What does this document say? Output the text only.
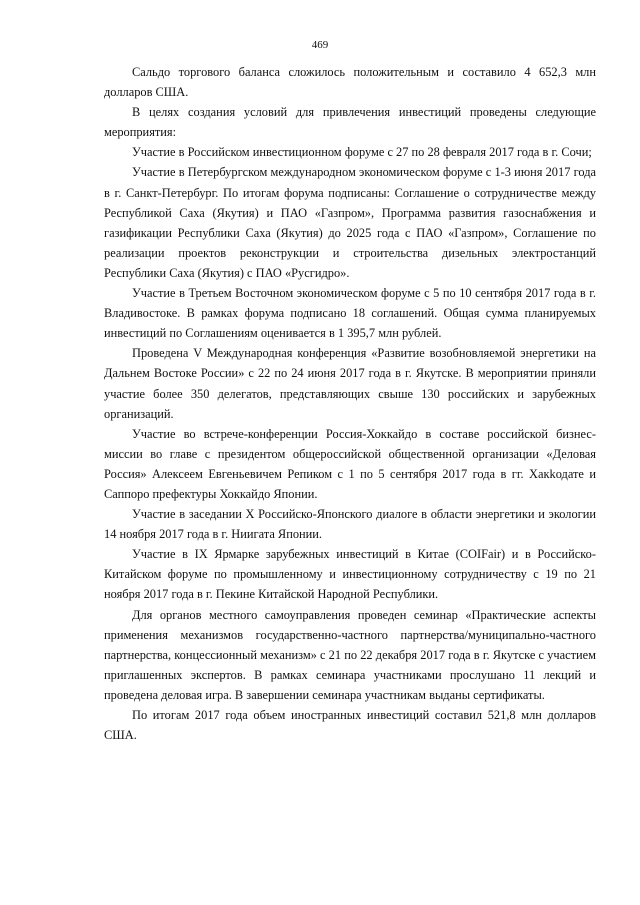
469

Сальдо торгового баланса сложилось положительным и составило 4 652,3 млн долларов США.

В целях создания условий для привлечения инвестиций проведены следующие мероприятия:

Участие в Российском инвестиционном форуме с 27 по 28 февраля 2017 года в г. Сочи;

Участие в Петербургском международном экономическом форуме с 1-3 июня 2017 года в г. Санкт-Петербург. По итогам форума подписаны: Соглашение о сотрудничестве между Республикой Саха (Якутия) и ПАО «Газпром», Программа развития газоснабжения и газификации Республики Саха (Якутия) до 2025 года с ПАО «Газпром», Соглашение по реализации проектов реконструкции и строительства дизельных электростанций Республики Саха (Якутия) с ПАО «Русгидро».

Участие в Третьем Восточном экономическом форуме с 5 по 10 сентября 2017 года в г. Владивостоке. В рамках форума подписано 18 соглашений. Общая сумма планируемых инвестиций по Соглашениям оценивается в 1 395,7 млн рублей.

Проведена V Международная конференция «Развитие возобновляемой энергетики на Дальнем Востоке России» с 22 по 24 июня 2017 года в г. Якутске. В мероприятии приняли участие более 350 делегатов, представляющих свыше 130 российских и зарубежных организаций.

Участие во встрече-конференции Россия-Хоккайдо в составе российской бизнес-миссии во главе с президентом общероссийской общественной организации «Деловая Россия» Алексеем Евгеньевичем Репиком с 1 по 5 сентября 2017 года в гг. Хакkодате и Саппоро префектуры Хоккайдо Японии.

Участие в заседании X Российско-Японского диалоге в области энергетики и экологии 14 ноября 2017 года в г. Ниигата Японии.

Участие в IX Ярмарке зарубежных инвестиций в Китае (COIFair) и в Российско-Китайском форуме по промышленному и инвестиционному сотрудничеству с 19 по 21 ноября 2017 года в г. Пекине Китайской Народной Республики.

Для органов местного самоуправления проведен семинар «Практические аспекты применения механизмов государственно-частного партнерства/муниципально-частного партнерства, концессионный механизм» с 21 по 22 декабря 2017 года в г. Якутске с участием приглашенных экспертов. В рамках семинара участниками прослушано 11 лекций и проведена деловая игра. В завершении семинара участникам выданы сертификаты.

По итогам 2017 года объем иностранных инвестиций составил 521,8 млн долларов США.
